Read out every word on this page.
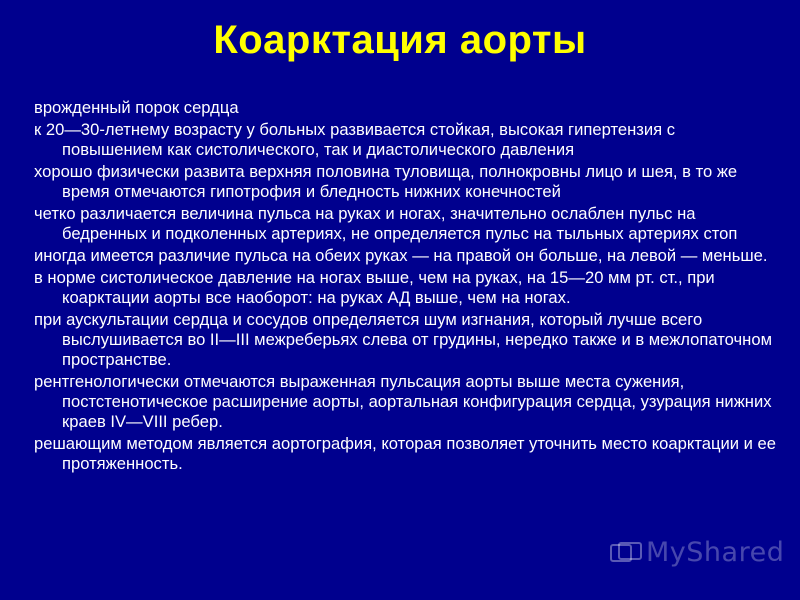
Коарктация аорты
врожденный порок сердца
к 20—30-летнему возрасту у больных развивается стойкая, высокая гипертензия с повышением как систолического, так и диастолического давления
хорошо физически развита верхняя половина туловища, полнокровны лицо и шея, в то же время отмечаются гипотрофия и бледность нижних конечностей
четко различается величина пульса на руках и ногах, значительно ослаблен пульс на бедренных и подколенных артериях, не определяется пульс на тыльных артериях стоп
иногда имеется различие пульса на обеих руках — на правой он больше, на левой — меньше.
в норме систолическое давление на ногах выше, чем на руках, на 15—20 мм рт. ст., при коарктации аорты все наоборот: на руках АД выше, чем на ногах.
при аускультации сердца и сосудов определяется шум изгнания, который лучше всего выслушивается во II—III межреберьях слева от грудины, нередко также и в межлопаточном пространстве.
рентгенологически отмечаются выраженная пульсация аорты выше места сужения, постстенотическое расширение аорты, аортальная конфигурация сердца, узурация нижних краев IV—VIII ребер.
решающим методом является аортография, которая позволяет уточнить место коарктации и ее протяженность.
MyShared
